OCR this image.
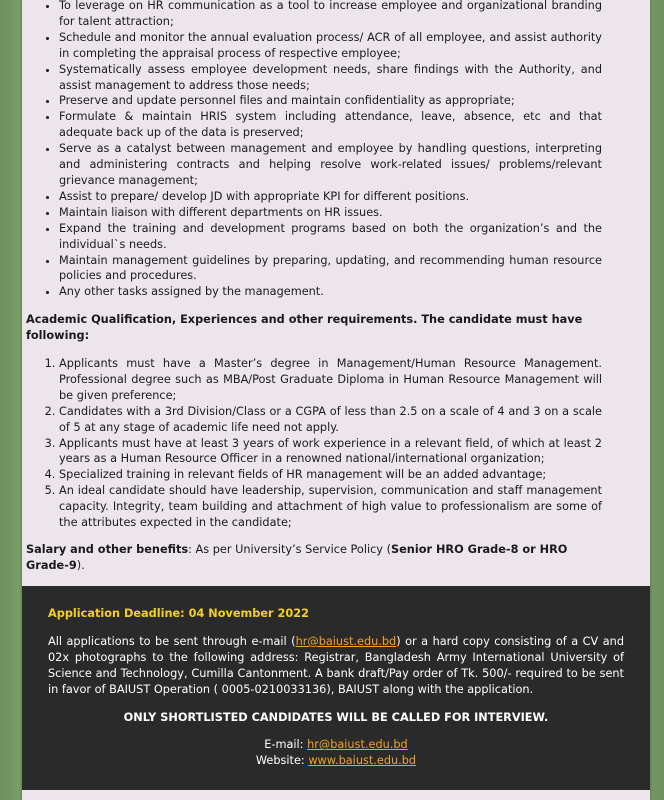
• To leverage on HR communication as a tool to increase employee and organizational branding for talent attraction;
• Schedule and monitor the annual evaluation process/ ACR of all employee, and assist authority in completing the appraisal process of respective employee;
• Systematically assess employee development needs, share findings with the Authority, and assist management to address those needs;
• Preserve and update personnel files and maintain confidentiality as appropriate;
• Formulate & maintain HRIS system including attendance, leave, absence, etc and that adequate back up of the data is preserved;
• Serve as a catalyst between management and employee by handling questions, interpreting and administering contracts and helping resolve work-related issues/ problems/relevant grievance management;
• Assist to prepare/ develop JD with appropriate KPI for different positions.
• Maintain liaison with different departments on HR issues.
• Expand the training and development programs based on both the organization’s and the individual`s needs.
• Maintain management guidelines by preparing, updating, and recommending human resource policies and procedures.
• Any other tasks assigned by the management.

Academic Qualification, Experiences and other requirements. The candidate must have following:

1. Applicants must have a Master’s degree in Management/Human Resource Management. Professional degree such as MBA/Post Graduate Diploma in Human Resource Management will be given preference;
2. Candidates with a 3rd Division/Class or a CGPA of less than 2.5 on a scale of 4 and 3 on a scale of 5 at any stage of academic life need not apply.
3. Applicants must have at least 3 years of work experience in a relevant field, of which at least 2 years as a Human Resource Officer in a renowned national/international organization;
4. Specialized training in relevant fields of HR management will be an added advantage;
5. An ideal candidate should have leadership, supervision, communication and staff management capacity. Integrity, team building and attachment of high value to professionalism are some of the attributes expected in the candidate;

Salary and other benefits: As per University’s Service Policy (Senior HRO Grade-8 or HRO Grade-9).

Application Deadline: 04 November 2022

All applications to be sent through e-mail (hr@baiust.edu.bd) or a hard copy consisting of a CV and 02x photographs to the following address: Registrar, Bangladesh Army International University of Science and Technology, Cumilla Cantonment. A bank draft/Pay order of Tk. 500/- required to be sent in favor of BAIUST Operation ( 0005-0210033136), BAIUST along with the application.

ONLY SHORTLISTED CANDIDATES WILL BE CALLED FOR INTERVIEW.

E-mail: hr@baiust.edu.bd

Website: www.baiust.edu.bd
